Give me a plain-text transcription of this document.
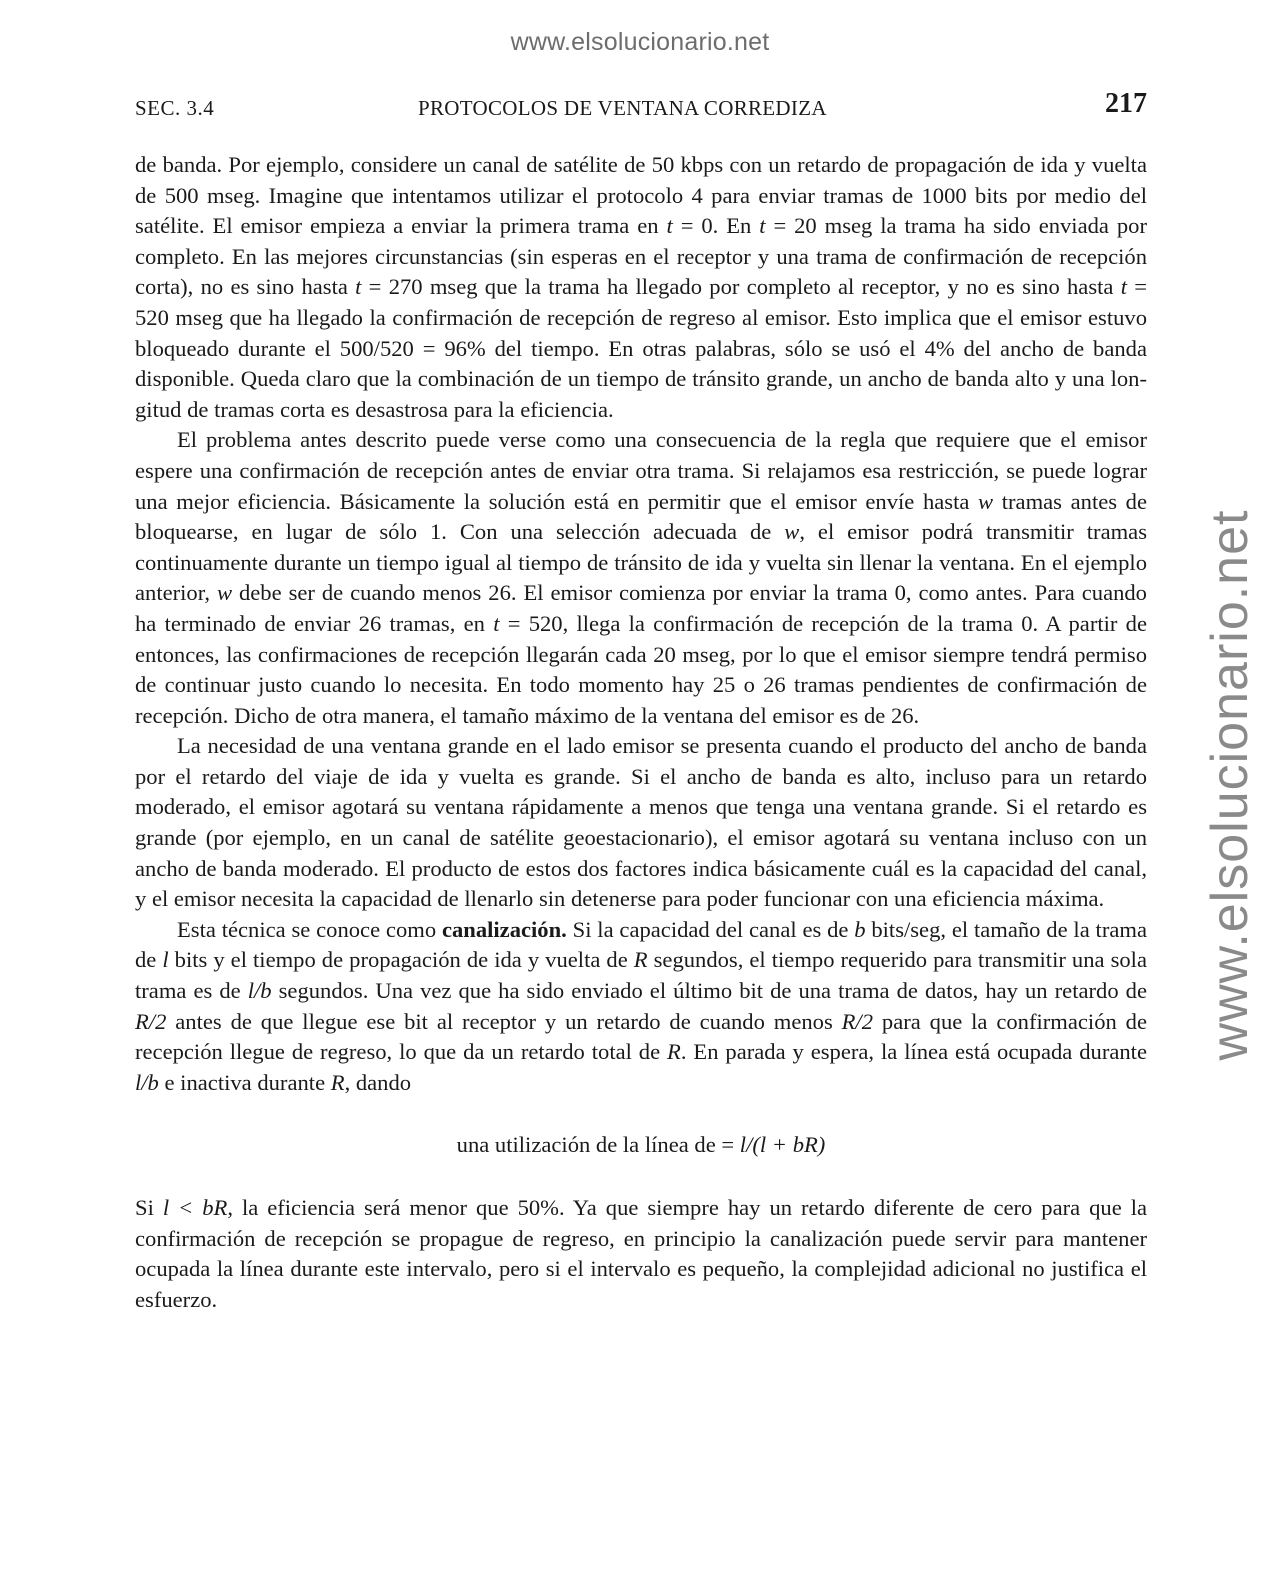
www.elsolucionario.net
www.elsolucionario.net
SEC. 3.4	PROTOCOLOS DE VENTANA CORREDIZA	217

de banda. Por ejemplo, considere un canal de satélite de 50 kbps con un retardo de propagación de ida y vuelta de 500 mseg. Imagine que intentamos utilizar el protocolo 4 para enviar tramas de 1000 bits por medio del satélite. El emisor empieza a enviar la primera trama en t = 0. En t = 20 mseg la trama ha sido enviada por completo. En las mejores circunstancias (sin esperas en el receptor y una trama de confirmación de recepción corta), no es sino hasta t = 270 mseg que la trama ha llegado por completo al receptor, y no es sino hasta t = 520 mseg que ha llegado la confirmación de recepción de regreso al emisor. Esto implica que el emisor estuvo bloqueado durante el 500/520 = 96% del tiempo. En otras palabras, sólo se usó el 4% del ancho de banda disponible. Queda claro que la combinación de un tiempo de tránsito grande, un ancho de banda alto y una longitud de tramas corta es desastrosa para la eficiencia.

El problema antes descrito puede verse como una consecuencia de la regla que requiere que el emisor espere una confirmación de recepción antes de enviar otra trama. Si relajamos esa restricción, se puede lograr una mejor eficiencia. Básicamente la solución está en permitir que el emisor envíe hasta w tramas antes de bloquearse, en lugar de sólo 1. Con una selección adecuada de w, el emisor podrá transmitir tramas continuamente durante un tiempo igual al tiempo de tránsito de ida y vuelta sin llenar la ventana. En el ejemplo anterior, w debe ser de cuando menos 26. El emisor comienza por enviar la trama 0, como antes. Para cuando ha terminado de enviar 26 tramas, en t = 520, llega la confirmación de recepción de la trama 0. A partir de entonces, las confirmaciones de recepción llegarán cada 20 mseg, por lo que el emisor siempre tendrá permiso de continuar justo cuando lo necesita. En todo momento hay 25 o 26 tramas pendientes de confirmación de recepción. Dicho de otra manera, el tamaño máximo de la ventana del emisor es de 26.

La necesidad de una ventana grande en el lado emisor se presenta cuando el producto del ancho de banda por el retardo del viaje de ida y vuelta es grande. Si el ancho de banda es alto, incluso para un retardo moderado, el emisor agotará su ventana rápidamente a menos que tenga una ventana grande. Si el retardo es grande (por ejemplo, en un canal de satélite geoestacionario), el emisor agotará su ventana incluso con un ancho de banda moderado. El producto de estos dos factores indica básicamente cuál es la capacidad del canal, y el emisor necesita la capacidad de llenarlo sin detenerse para poder funcionar con una eficiencia máxima.

Esta técnica se conoce como canalización. Si la capacidad del canal es de b bits/seg, el tamaño de la trama de l bits y el tiempo de propagación de ida y vuelta de R segundos, el tiempo requerido para transmitir una sola trama es de l/b segundos. Una vez que ha sido enviado el último bit de una trama de datos, hay un retardo de R/2 antes de que llegue ese bit al receptor y un retardo de cuando menos R/2 para que la confirmación de recepción llegue de regreso, lo que da un retardo total de R. En parada y espera, la línea está ocupada durante l/b e inactiva durante R, dando

una utilización de la línea de = l/(l + bR)

Si l < bR, la eficiencia será menor que 50%. Ya que siempre hay un retardo diferente de cero para que la confirmación de recepción se propague de regreso, en principio la canalización puede servir para mantener ocupada la línea durante este intervalo, pero si el intervalo es pequeño, la complejidad adicional no justifica el esfuerzo.
